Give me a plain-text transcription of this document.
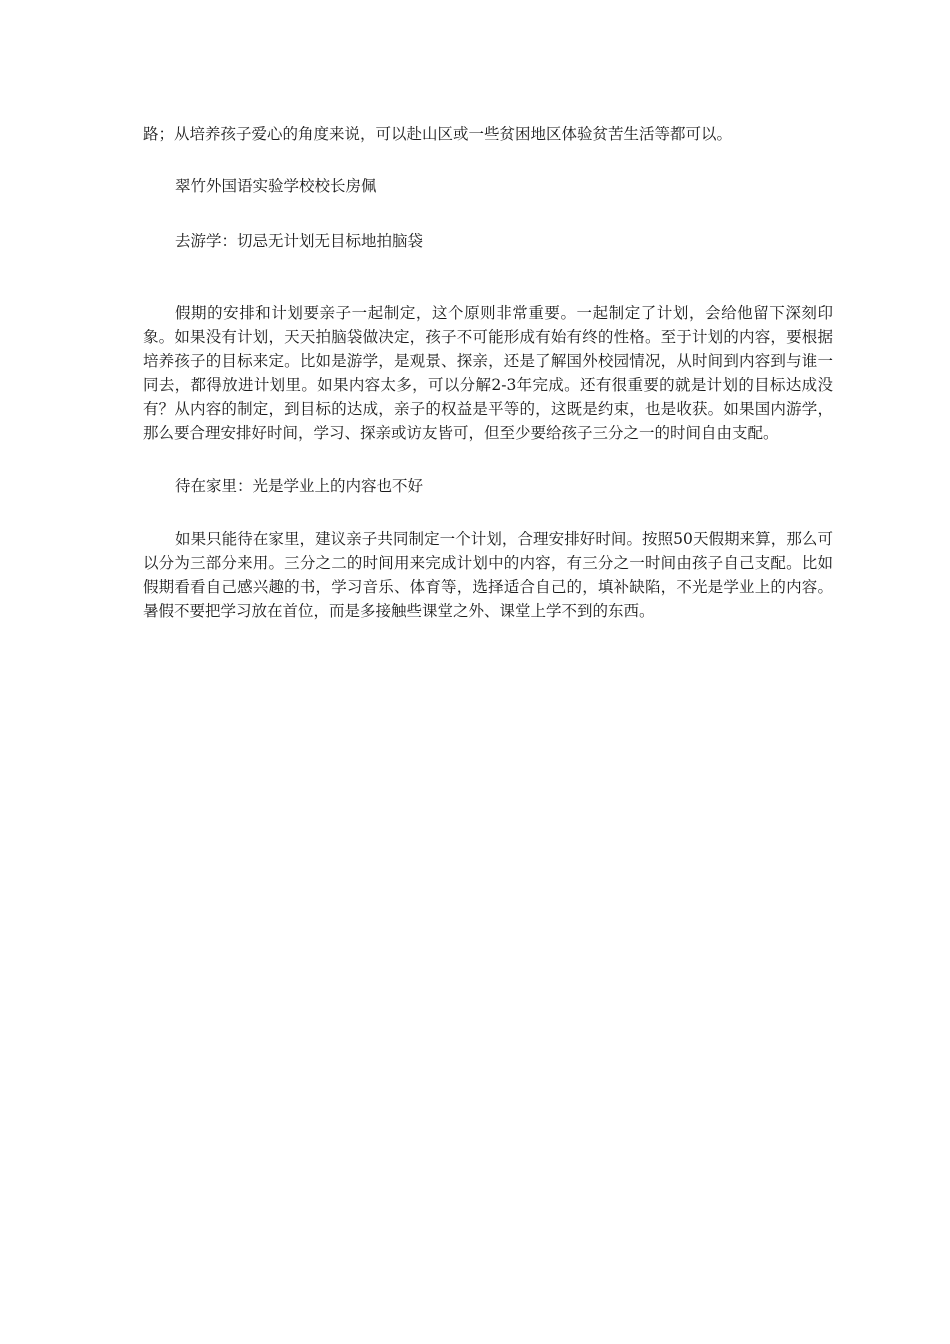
路；从培养孩子爱心的角度来说，可以赴山区或一些贫困地区体验贫苦生活等都可以。

翠竹外国语实验学校校长房佩

去游学：切忌无计划无目标地拍脑袋

假期的安排和计划要亲子一起制定，这个原则非常重要。一起制定了计划，会给他留下深刻印象。如果没有计划，天天拍脑袋做决定，孩子不可能形成有始有终的性格。至于计划的内容，要根据培养孩子的目标来定。比如是游学，是观景、探亲，还是了解国外校园情况，从时间到内容到与谁一同去，都得放进计划里。如果内容太多，可以分解2-3年完成。还有很重要的就是计划的目标达成没有？从内容的制定，到目标的达成，亲子的权益是平等的，这既是约束，也是收获。如果国内游学，那么要合理安排好时间，学习、探亲或访友皆可，但至少要给孩子三分之一的时间自由支配。

待在家里：光是学业上的内容也不好

如果只能待在家里，建议亲子共同制定一个计划，合理安排好时间。按照50天假期来算，那么可以分为三部分来用。三分之二的时间用来完成计划中的内容，有三分之一时间由孩子自己支配。比如假期看看自己感兴趣的书，学习音乐、体育等，选择适合自己的，填补缺陷，不光是学业上的内容。暑假不要把学习放在首位，而是多接触些课堂之外、课堂上学不到的东西。
